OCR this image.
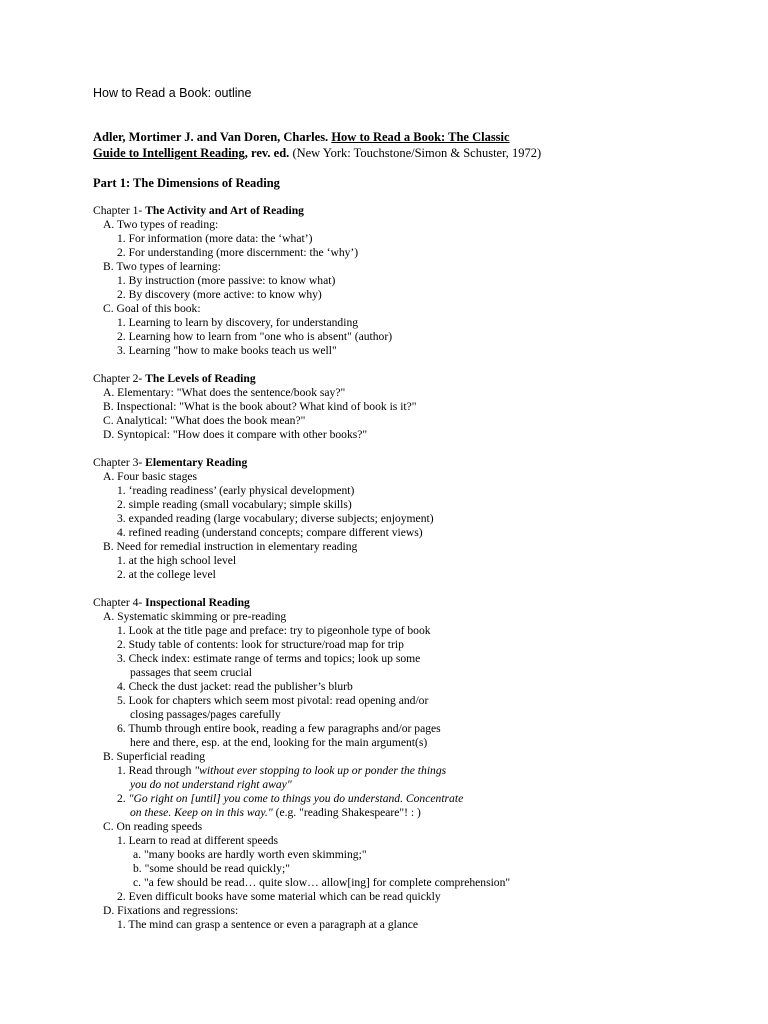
How to Read a Book: outline
Adler, Mortimer J. and Van Doren, Charles. How to Read a Book: The Classic
Guide to Intelligent Reading, rev. ed. (New York: Touchstone/Simon & Schuster, 1972)
Part 1: The Dimensions of Reading
Chapter 1- The Activity and Art of Reading
A. Two types of reading:
1. For information (more data: the ‘what’)
2. For understanding (more discernment: the ‘why’)
B. Two types of learning:
1. By instruction (more passive: to know what)
2. By discovery (more active: to know why)
C. Goal of this book:
1. Learning to learn by discovery, for understanding
2. Learning how to learn from "one who is absent" (author)
3. Learning "how to make books teach us well"
Chapter 2- The Levels of Reading
A. Elementary: "What does the sentence/book say?"
B. Inspectional: "What is the book about? What kind of book is it?"
C. Analytical: "What does the book mean?"
D. Syntopical: "How does it compare with other books?"
Chapter 3- Elementary Reading
A. Four basic stages
1. ‘reading readiness’ (early physical development)
2. simple reading (small vocabulary; simple skills)
3. expanded reading (large vocabulary; diverse subjects; enjoyment)
4. refined reading (understand concepts; compare different views)
B. Need for remedial instruction in elementary reading
1. at the high school level
2. at the college level
Chapter 4- Inspectional Reading
A. Systematic skimming or pre-reading
1. Look at the title page and preface: try to pigeonhole type of book
2. Study table of contents: look for structure/road map for trip
3. Check index: estimate range of terms and topics; look up some
passages that seem crucial
4. Check the dust jacket: read the publisher’s blurb
5. Look for chapters which seem most pivotal: read opening and/or
closing passages/pages carefully
6. Thumb through entire book, reading a few paragraphs and/or pages
here and there, esp. at the end, looking for the main argument(s)
B. Superficial reading
1. Read through "without ever stopping to look up or ponder the things
you do not understand right away"
2. "Go right on [until] you come to things you do understand. Concentrate
on these. Keep on in this way." (e.g. "reading Shakespeare"! : )
C. On reading speeds
1. Learn to read at different speeds
a. "many books are hardly worth even skimming;"
b. "some should be read quickly;"
c. "a few should be read… quite slow… allow[ing] for complete comprehension"
2. Even difficult books have some material which can be read quickly
D. Fixations and regressions:
1. The mind can grasp a sentence or even a paragraph at a glance
